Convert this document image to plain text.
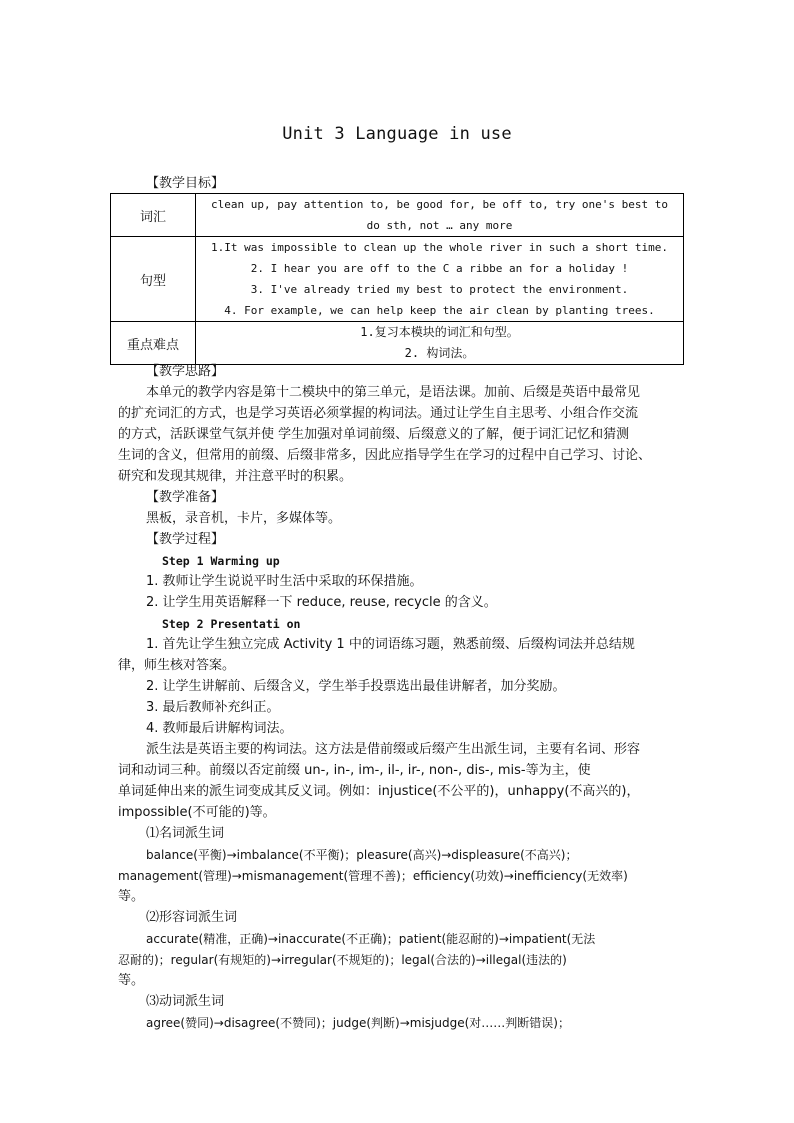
Unit 3 Language in use
【教学目标】
词汇	clean up, pay attention to, be good for, be off to, try one's best to
do sth, not … any more

句型	1.It was impossible to clean up the whole river in such a short time.
2. I hear you are off to the C a ribbe an for a holiday !
3. I've already tried my best to protect the environment.
4. For example, we can help keep the air clean by planting trees.

重点难点	1.复习本模块的词汇和句型。
2. 构词法。
【教学思路】
本单元的教学内容是第十二模块中的第三单元，是语法课。加前、后缀是英语中最常见
的扩充词汇的方式，也是学习英语必须掌握的构词法。通过让学生自主思考、小组合作交流
的方式，活跃课堂气氛并使 学生加强对单词前缀、后缀意义的了解，便于词汇记忆和猜测
生词的含义，但常用的前缀、后缀非常多，因此应指导学生在学习的过程中自己学习、讨论、
研究和发现其规律，并注意平时的积累。
【教学准备】
黑板，录音机，卡片，多媒体等。
【教学过程】
Step 1 Warming up
1. 教师让学生说说平时生活中采取的环保措施。
2. 让学生用英语解释一下 reduce, reuse, recycle 的含义。
Step 2 Presentati on
1. 首先让学生独立完成 Activity 1 中的词语练习题，熟悉前缀、后缀构词法并总结规
律，师生核对答案。
2. 让学生讲解前、后缀含义，学生举手投票选出最佳讲解者，加分奖励。
3. 最后教师补充纠正。
4. 教师最后讲解构词法。
派生法是英语主要的构词法。这方法是借前缀或后缀产生出派生词，主要有名词、形容
词和动词三种。前缀以否定前缀 un-, in-, im-, il-, ir-, non-, dis-, mis-等为主，使
单词延伸出来的派生词变成其反义词。例如：injustice(不公平的)，unhappy(不高兴的)，
impossible(不可能的)等。
⑴名词派生词
balance(平衡)→imbalance(不平衡)；pleasure(高兴)→displeasure(不高兴)；
management(管理)→mismanagement(管理不善)；efficiency(功效)→inefficiency(无效率)
等。
⑵形容词派生词
accurate(精准，正确)→inaccurate(不正确)；patient(能忍耐的)→impatient(无法
忍耐的)；regular(有规矩的)→irregular(不规矩的)；legal(合法的)→illegal(违法的)
等。
⑶动词派生词
agree(赞同)→disagree(不赞同)；judge(判断)→misjudge(对……判断错误)；
